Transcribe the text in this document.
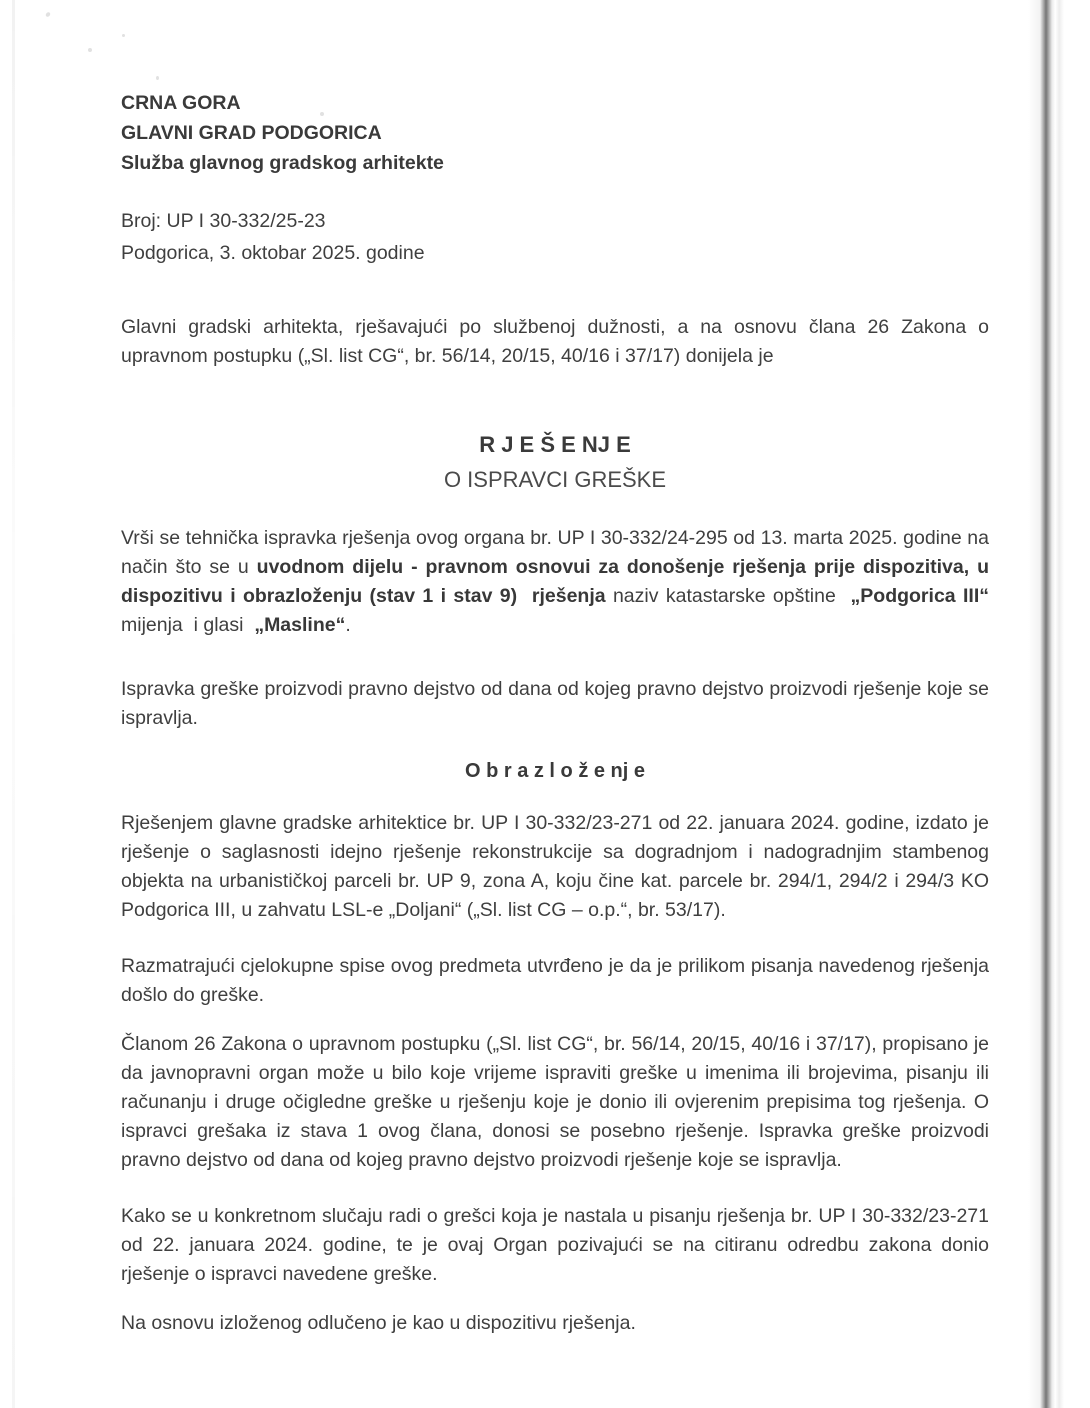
CRNA GORA
GLAVNI GRAD PODGORICA
Služba glavnog gradskog arhitekte
Broj: UP I 30-332/25-23
Podgorica, 3. oktobar 2025. godine

Glavni gradski arhitekta, rješavajući po službenoj dužnosti, a na osnovu člana 26 Zakona o upravnom postupku („Sl. list CG“, br. 56/14, 20/15, 40/16 i 37/17) donijela je

R J E Š E NJ E
O ISPRAVCI GREŠKE

Vrši se tehnička ispravka rješenja ovog organa br. UP I 30-332/24-295 od 13. marta 2025. godine na način što se u uvodnom dijelu - pravnom osnovui za donošenje rješenja prije dispozitiva, u dispozitivu i obrazloženju (stav 1 i stav 9) rješenja naziv katastarske opštine  „Podgorica III“ mijenja  i glasi  „Masline“.

Ispravka greške proizvodi pravno dejstvo od dana od kojeg pravno dejstvo proizvodi rješenje koje se ispravlja.

O b r a z l o ž e nj e

Rješenjem glavne gradske arhitektice br. UP I 30-332/23-271 od 22. januara 2024. godine, izdato je rješenje o saglasnosti idejno rješenje rekonstrukcije sa dogradnjom i nadogradnjim stambenog objekta na urbanističkoj parceli br. UP 9, zona A, koju čine kat. parcele br. 294/1, 294/2 i 294/3 KO Podgorica III, u zahvatu LSL-e „Doljani“ („Sl. list CG – o.p.“, br. 53/17).

Razmatrajući cjelokupne spise ovog predmeta utvrđeno je da je prilikom pisanja navedenog rješenja došlo do greške.

Članom 26 Zakona o upravnom postupku („Sl. list CG“, br. 56/14, 20/15, 40/16 i 37/17), propisano je da javnopravni organ može u bilo koje vrijeme ispraviti greške u imenima ili brojevima, pisanju ili računanju i druge očigledne greške u rješenju koje je donio ili ovjerenim prepisima tog rješenja. O ispravci grešaka iz stava 1 ovog člana, donosi se posebno rješenje. Ispravka greške proizvodi pravno dejstvo od dana od kojeg pravno dejstvo proizvodi rješenje koje se ispravlja.

Kako se u konkretnom slučaju radi o grešci koja je nastala u pisanju rješenja br. UP I 30-332/23-271 od 22. januara 2024. godine, te je ovaj Organ pozivajući se na citiranu odredbu zakona donio rješenje o ispravci navedene greške.

Na osnovu izloženog odlučeno je kao u dispozitivu rješenja.
